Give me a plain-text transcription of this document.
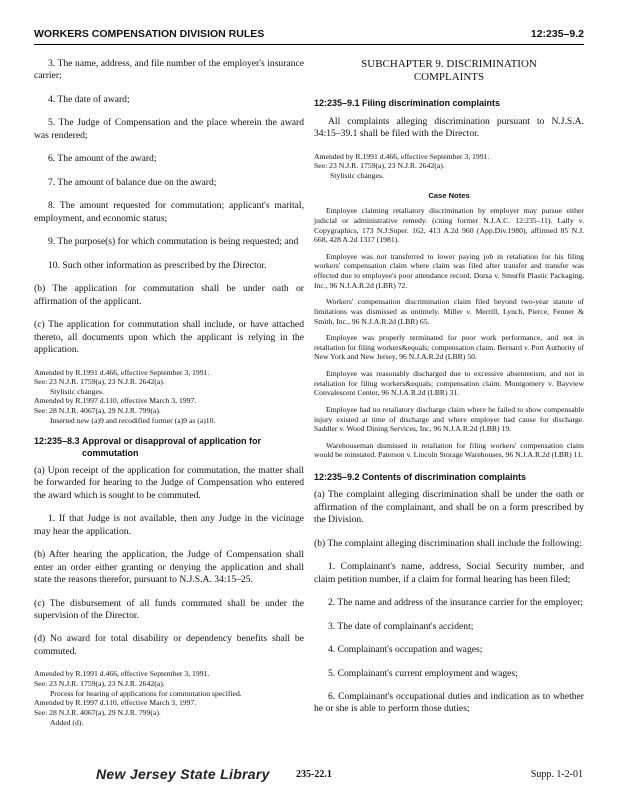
WORKERS COMPENSATION DIVISION RULES	12:235–9.2

3. The name, address, and file number of the employer's insurance carrier;

4. The date of award;

5. The Judge of Compensation and the place wherein the award was rendered;

6. The amount of the award;

7. The amount of balance due on the award;

8. The amount requested for commutation; applicant's marital, employment, and economic status;

9. The purpose(s) for which commutation is being requested; and

10. Such other information as prescribed by the Director.

(b) The application for commutation shall be under oath or affirmation of the applicant.

(c) The application for commutation shall include, or have attached thereto, all documents upon which the applicant is relying in the application.

Amended by R.1991 d.466, effective September 3, 1991.
See: 23 N.J.R. 1759(a), 23 N.J.R. 2642(a).
Stylistic changes.
Amended by R.1997 d.110, effective March 3, 1997.
See: 28 N.J.R. 4067(a), 29 N.J.R. 799(a).
Inserted new (a)9 and recodified former (a)9 as (a)10.
12:235–8.3 Approval or disapproval of application for
commutation

(a) Upon receipt of the application for commutation, the matter shall be forwarded for hearing to the Judge of Compensation who entered the award which is sought to be commuted.

1. If that Judge is not available, then any Judge in the vicinage may hear the application.

(b) After hearing the application, the Judge of Compensation shall enter an order either granting or denying the application and shall state the reasons therefor, pursuant to N.J.S.A. 34:15–25.

(c) The disbursement of all funds commuted shall be under the supervision of the Director.

(d) No award for total disability or dependency benefits shall be commuted.

Amended by R.1991 d.466, effective September 3, 1991.
See: 23 N.J.R. 1759(a), 23 N.J.R. 2642(a).
Process for hearing of applications for commutation specified.
Amended by R.1997 d.110, effective March 3, 1997.
See: 28 N.J.R. 4067(a), 29 N.J.R. 799(a).
Added (d).
SUBCHAPTER 9. DISCRIMINATION
COMPLAINTS
12:235–9.1 Filing discrimination complaints

All complaints alleging discrimination pursuant to N.J.S.A. 34:15–39.1 shall be filed with the Director.

Amended by R.1991 d.466, effective September 3, 1991.
See: 23 N.J.R. 1759(a), 23 N.J.R. 2642(a).
Stylistic changes.
Case Notes
Employee claiming retaliatory discrimination by employer may pursue either judicial or administrative remedy. (citing former N.J.A.C. 12:235–11). Lally v. Copygraphics, 173 N.J.Super. 162, 413 A.2d 960 (App.Div.1980), affirmed 85 N.J. 668, 428 A.2d 1317 (1981).
Employee was not transferred to lower paying job in retaliation for his filing workers' compensation claim where claim was filed after transfer and transfer was effected due to employee's poor attendance record. Dorsa v. Smurfit Plastic Packaging, Inc., 96 N.J.A.R.2d (LBR) 72.
Workers' compensation discrimination claim filed beyond two-year statute of limitations was dismissed as untimely. Miller v. Merrill, Lynch, Pierce, Fenner & Smith, Inc., 96 N.J.A.R.2d (LBR) 65.
Employee was properly terminated for poor work performance, and not in retaliation for filing workers&equals; compensation claim. Bernard v. Port Authority of New York and New Jersey, 96 N.J.A.R.2d (LBR) 50.
Employee was reasonably discharged due to excessive absenteeism, and not in retaliation for filing workers&equals; compensation claim. Montgomery v. Bayview Convalescent Center, 96 N.J.A.R.2d (LBR) 31.
Employee had no retaliatory discharge claim where he failed to show compensable injury existed at time of discharge and where employer had cause for discharge. Saddler v. Wood Dining Services, Inc, 96 N.J.A.R.2d (LBR) 19.
Warehouseman dismissed in retaliation for filing workers' compensation claim would be reinstated. Paterson v. Lincoln Storage Warehouses, 96 N.J.A.R.2d (LBR) 11.
12:235–9.2 Contents of discrimination complaints

(a) The complaint alleging discrimination shall be under the oath or affirmation of the complainant, and shall be on a form prescribed by the Division.

(b) The complaint alleging discrimination shall include the following:

1. Complainant's name, address, Social Security number, and claim petition number, if a claim for formal hearing has been filed;

2. The name and address of the insurance carrier for the employer;

3. The date of complainant's accident;

4. Complainant's occupation and wages;

5. Complainant's current employment and wages;

6. Complainant's occupational duties and indication as to whether he or she is able to perform those duties;

New Jersey State Library	235-22.1	Supp. 1-2-01
